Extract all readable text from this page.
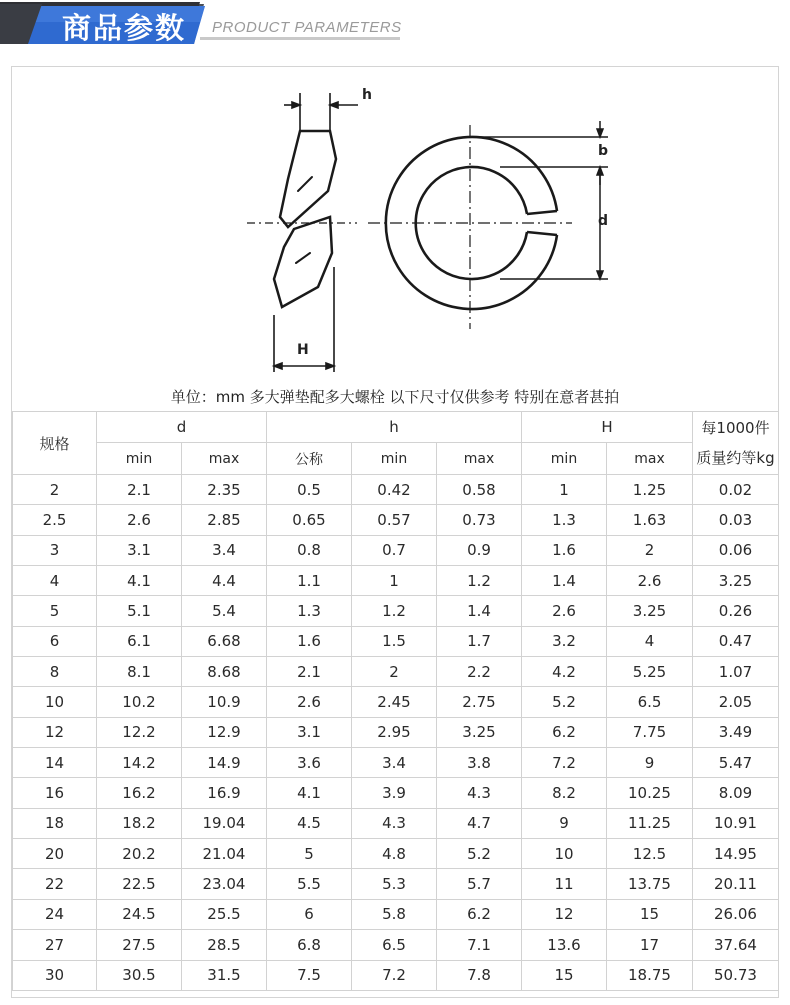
商品参数 PRODUCT PARAMETERS
h
b
d
H
单位：mm 多大弹垫配多大螺栓 以下尺寸仅供参考 特别在意者甚拍
规格	d		h			H		每1000件
质量约等kg

	min	max	公称	min	max	min	max	
2	2.1	2.35	0.5	0.42	0.58	1	1.25	0.02
2.5	2.6	2.85	0.65	0.57	0.73	1.3	1.63	0.03
3	3.1	3.4	0.8	0.7	0.9	1.6	2	0.06
4	4.1	4.4	1.1	1	1.2	1.4	2.6	3.25
5	5.1	5.4	1.3	1.2	1.4	2.6	3.25	0.26
6	6.1	6.68	1.6	1.5	1.7	3.2	4	0.47
8	8.1	8.68	2.1	2	2.2	4.2	5.25	1.07
10	10.2	10.9	2.6	2.45	2.75	5.2	6.5	2.05
12	12.2	12.9	3.1	2.95	3.25	6.2	7.75	3.49
14	14.2	14.9	3.6	3.4	3.8	7.2	9	5.47
16	16.2	16.9	4.1	3.9	4.3	8.2	10.25	8.09
18	18.2	19.04	4.5	4.3	4.7	9	11.25	10.91
20	20.2	21.04	5	4.8	5.2	10	12.5	14.95
22	22.5	23.04	5.5	5.3	5.7	11	13.75	20.11
24	24.5	25.5	6	5.8	6.2	12	15	26.06
27	27.5	28.5	6.8	6.5	7.1	13.6	17	37.64
30	30.5	31.5	7.5	7.2	7.8	15	18.75	50.73
